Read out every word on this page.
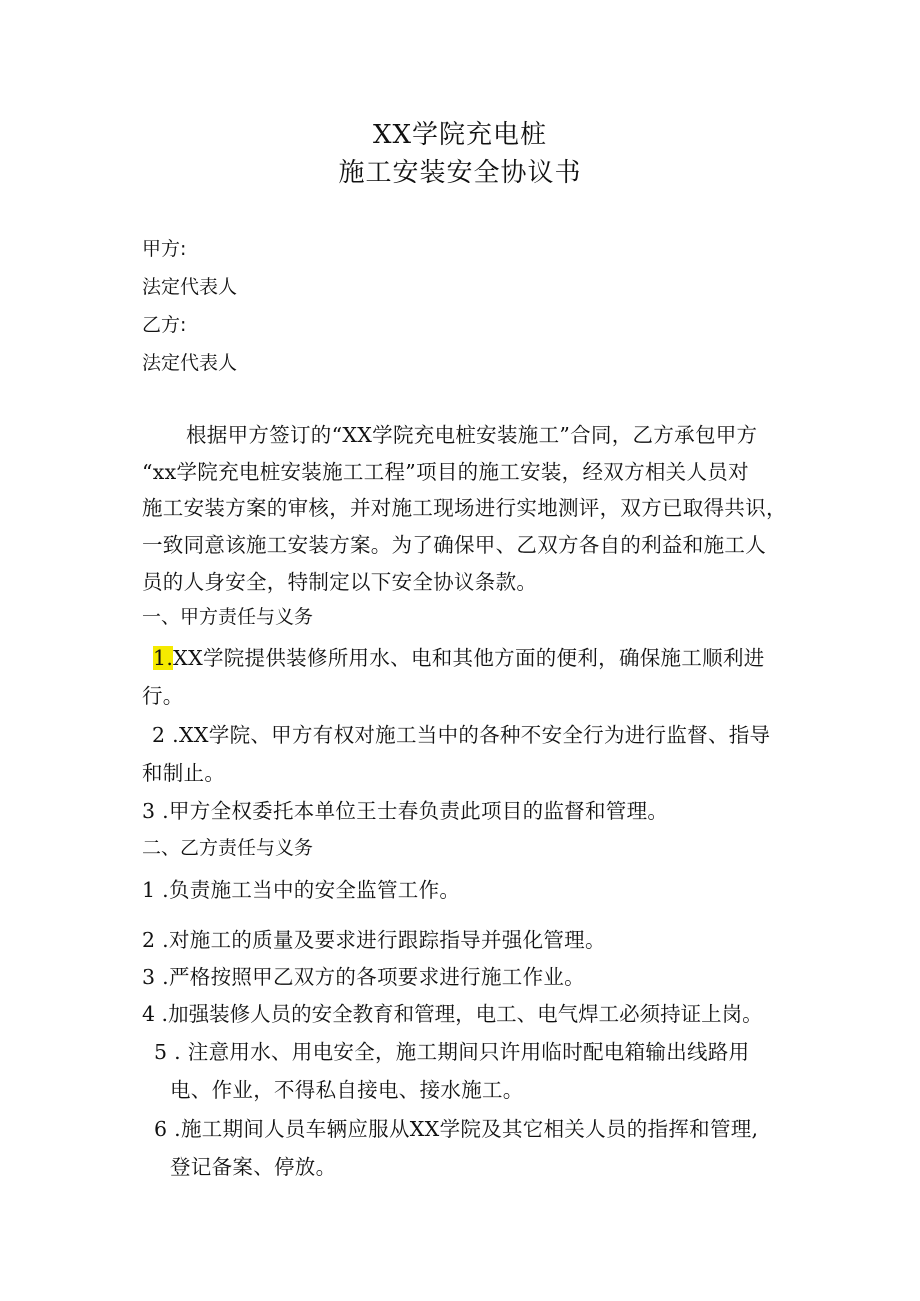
XX学院充电桩
施工安装安全协议书
甲方:
法定代表人
乙方:
法定代表人
根据甲方签订的“XX学院充电桩安装施工”合同，乙方承包甲方
“xx学院充电桩安装施工工程”项目的施工安装，经双方相关人员对
施工安装方案的审核，并对施工现场进行实地测评，双方已取得共识，
一致同意该施工安装方案。为了确保甲、乙双方各自的利益和施工人
员的人身安全，特制定以下安全协议条款。
一、甲方责任与义务
1.XX学院提供装修所用水、电和其他方面的便利，确保施工顺利进
行。
2 .XX学院、甲方有权对施工当中的各种不安全行为进行监督、指导
和制止。
3 .甲方全权委托本单位王士春负责此项目的监督和管理。
二、乙方责任与义务
1 .负责施工当中的安全监管工作。
2 .对施工的质量及要求进行跟踪指导并强化管理。
3 .严格按照甲乙双方的各项要求进行施工作业。
4 .加强装修人员的安全教育和管理，电工、电气焊工必须持证上岗。
5 . 注意用水、用电安全，施工期间只许用临时配电箱输出线路用
电、作业，不得私自接电、接水施工。
6 .施工期间人员车辆应服从XX学院及其它相关人员的指挥和管理,
登记备案、停放。
